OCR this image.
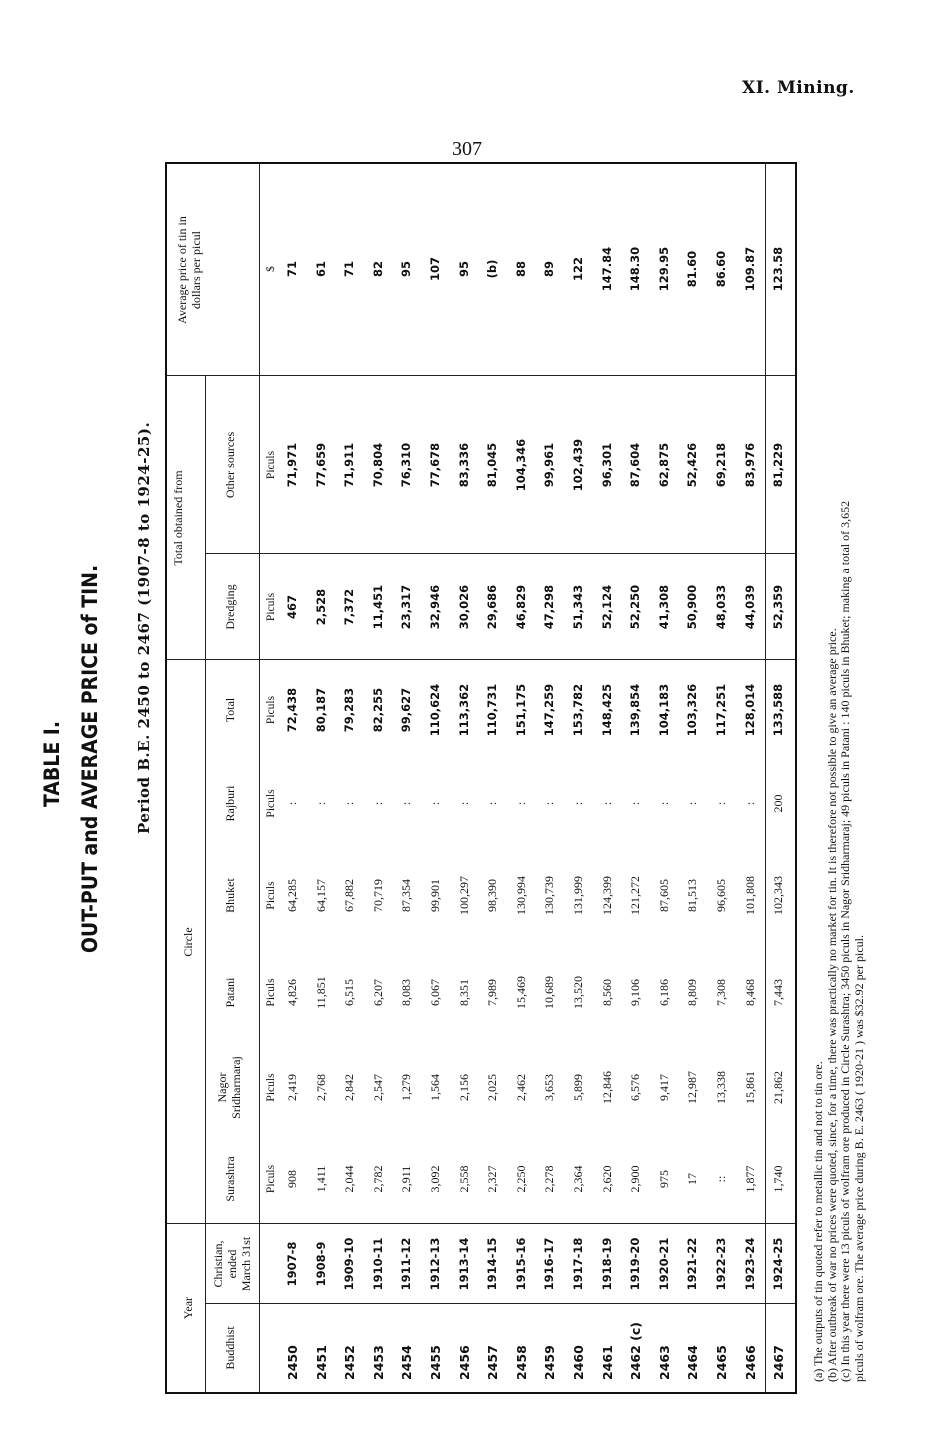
XI. Mining.
307
TABLE I. OUT-PUT and AVERAGE PRICE of TIN. Period B.E. 2450 to 2467 (1907-8 to 1924-25).
Year
Circle
Total obtained from
Buddhist
Christian, ended March 31st
Surashtra
Nagor Sridharmaraj
Patani
Bhuket
Rajburi
Total
Dredging
Other sources
Average price of tin in dollars per picul
Piculs
Piculs
Piculs
Piculs
Piculs
Piculs
Piculs
Piculs
$
2450
1907-8
908
2,419
4,826
64,285
:
72,438
467
71,971
71
2451
1908-9
1,411
2,768
11,851
64,157
:
80,187
2,528
77,659
61
2452
1909-10
2,044
2,842
6,515
67,882
:
79,283
7,372
71,911
71
2453
1910-11
2,782
2,547
6,207
70,719
:
82,255
11,451
70,804
82
2454
1911-12
2,911
1,279
8,083
87,354
:
99,627
23,317
76,310
95
2455
1912-13
3,092
1,564
6,067
99,901
:
110,624
32,946
77,678
107
2456
1913-14
2,558
2,156
8,351
100,297
:
113,362
30,026
83,336
95
2457
1914-15
2,327
2,025
7,989
98,390
:
110,731
29,686
81,045
(b)
2458
1915-16
2,250
2,462
15,469
130,994
:
151,175
46,829
104,346
88
2459
1916-17
2,278
3,653
10,689
130,739
:
147,259
47,298
99,961
89
2460
1917-18
2,364
5,899
13,520
131,999
:
153,782
51,343
102,439
122
2461
1918-19
2,620
12,846
8,560
124,399
:
148,425
52,124
96,301
147.84
2462 (c)
1919-20
2,900
6,576
9,106
121,272
:
139,854
52,250
87,604
148.30
2463
1920-21
975
9,417
6,186
87,605
:
104,183
41,308
62,875
129.95
2464
1921-22
17
12,987
8,809
81,513
:
103,326
50,900
52,426
81.60
2465
1922-23
::
13,338
7,308
96,605
:
117,251
48,033
69,218
86.60
2466
1923-24
1,877
15,861
8,468
101,808
:
128,014
44,039
83,976
109.87
2467
1924-25
1,740
21,862
7,443
102,343
200
133,588
52,359
81,229
123.58
(a) The outputs of tin quoted refer to metallic tin and not to tin ore. (b) After outbreak of war no prices were quoted, since, for a time, there was practically no market for tin. It is therefore not possible to give an average price. (c) In this year there were 13 piculs of wolfram ore produced in Circle Surashtra; 3450 piculs in Nagor Sridharmaraj; 49 piculs in Patani : 140 piculs in Bhuket; making a total of 3,652 piculs of wolfram ore. The average price during B. E. 2463 ( 1920-21 ) was $32.92 per picul.
